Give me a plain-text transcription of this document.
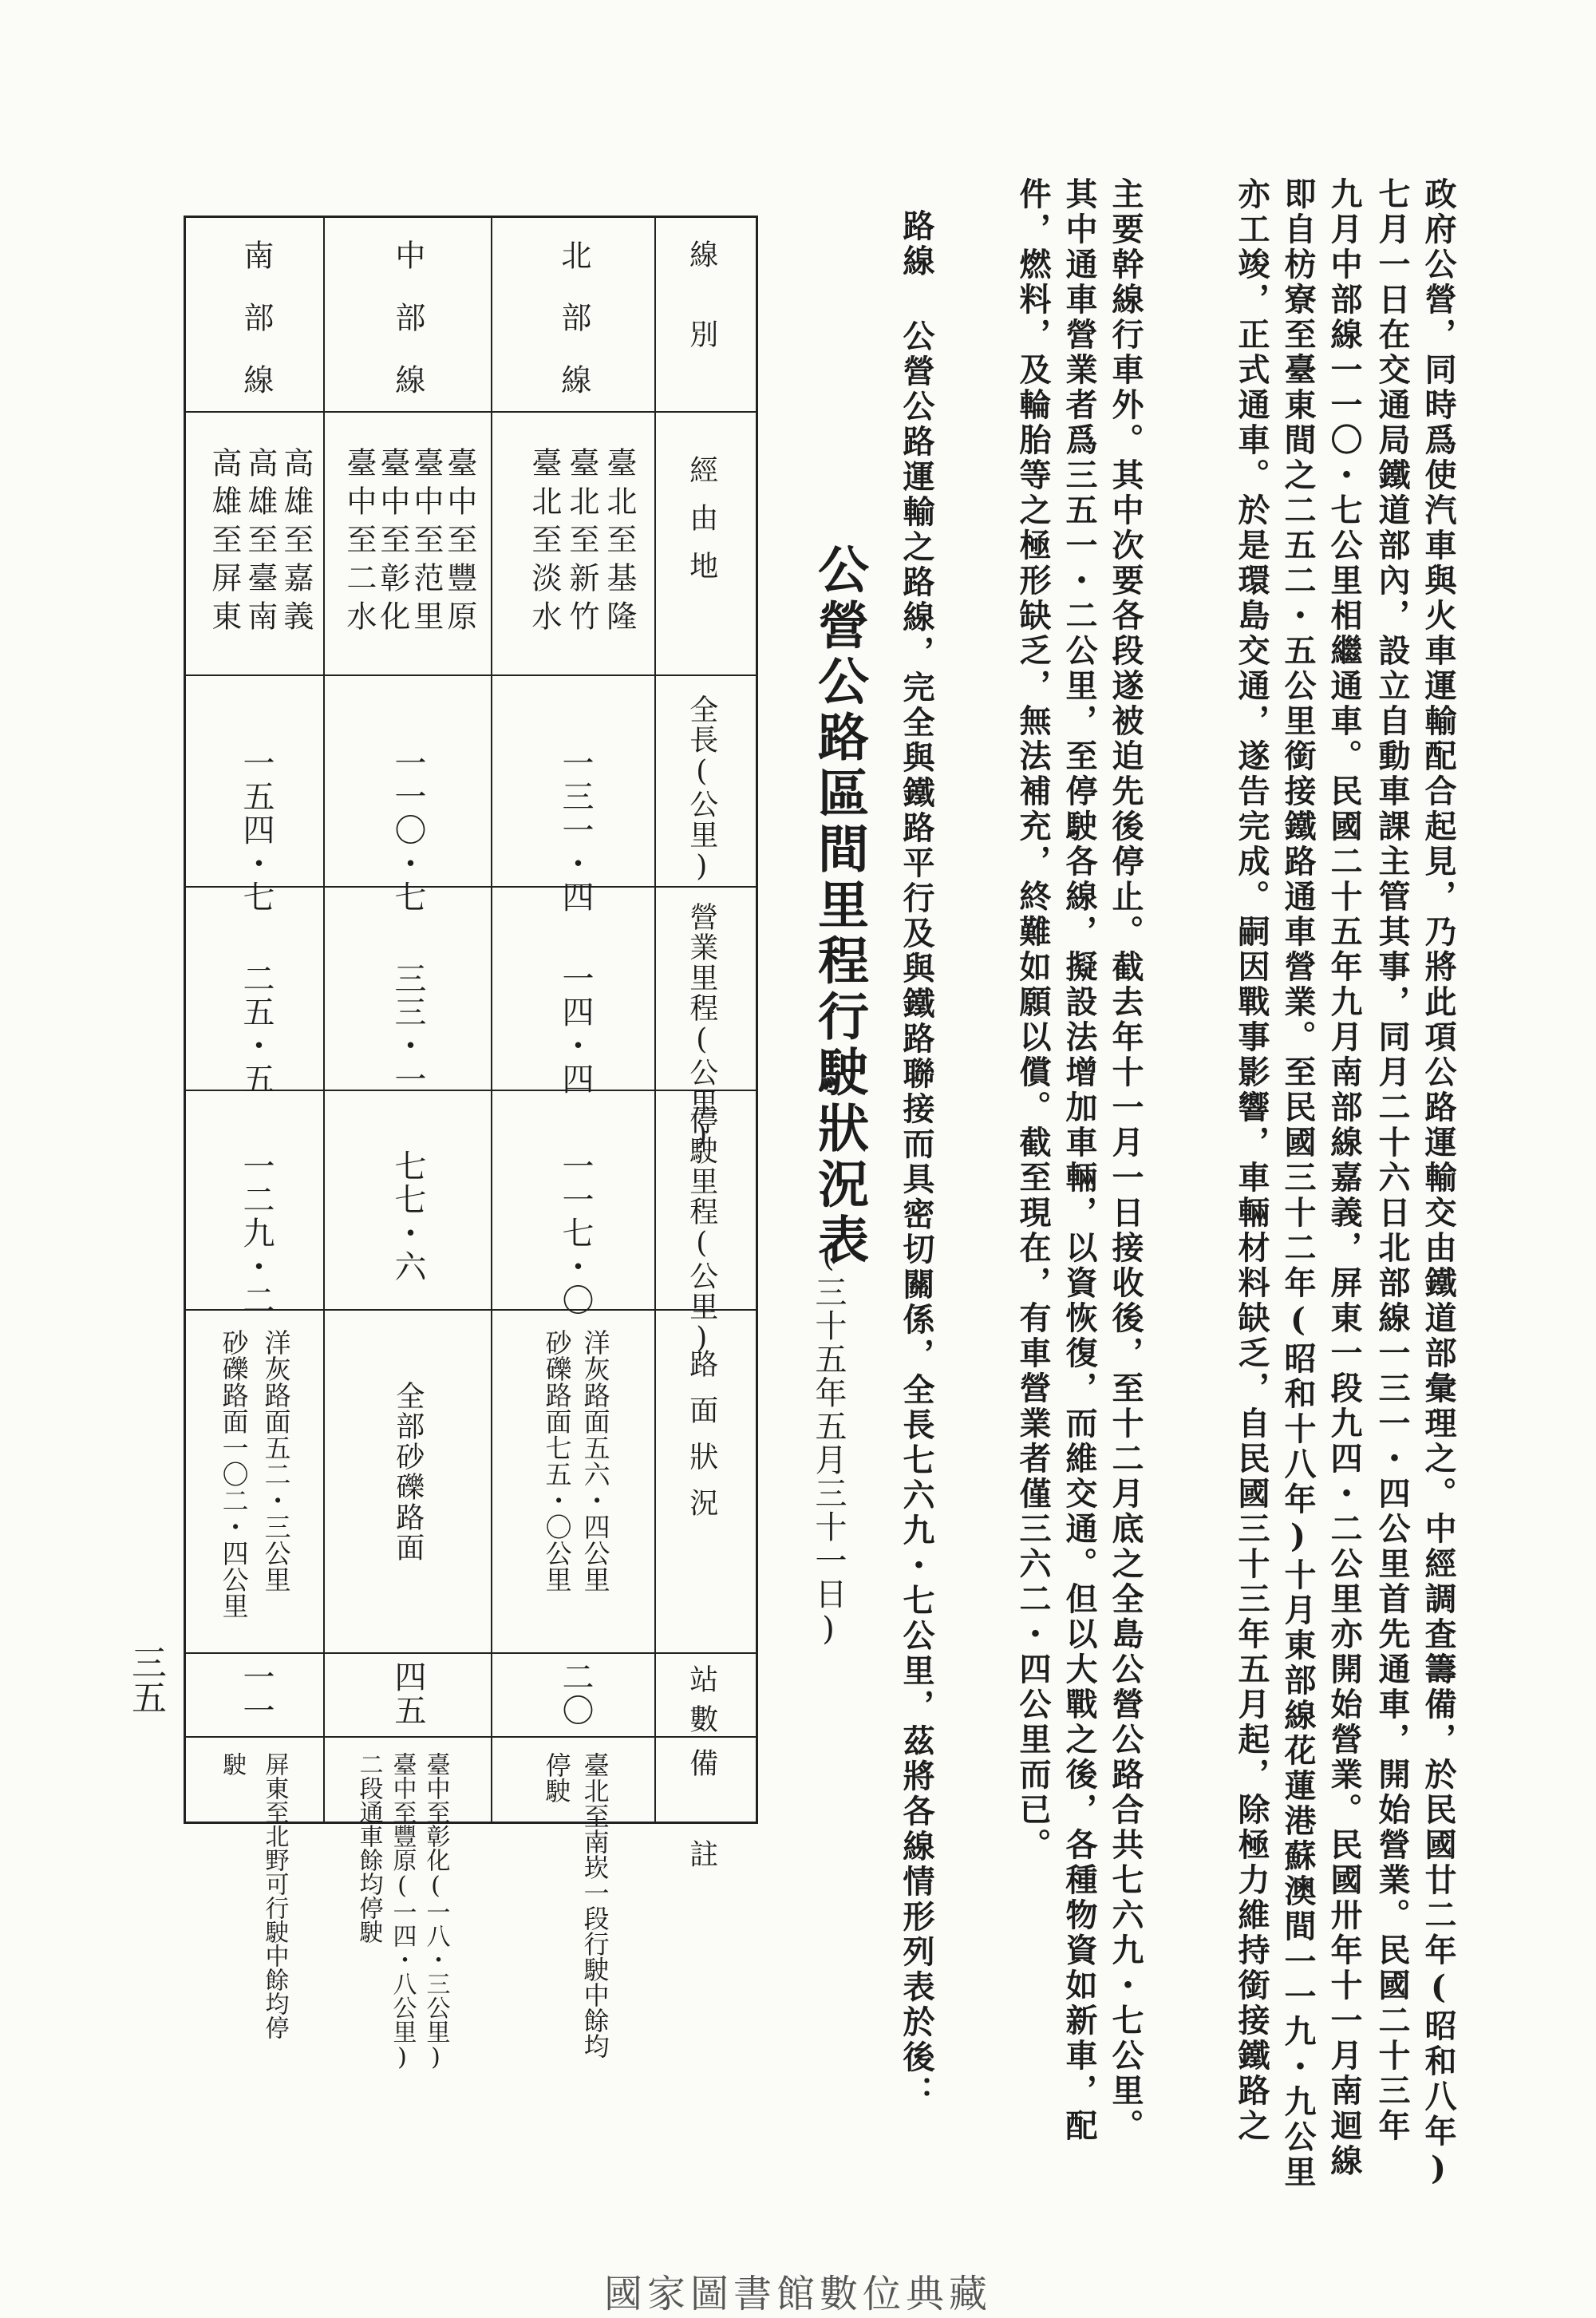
政府公營，同時爲使汽車與火車運輸配合起見，乃將此項公路運輸交由鐵道部彙理之。中經調査籌備，於民國廿二年(昭和八年)
七月一日在交通局鐵道部內，設立自動車課主管其事，同月二十六日北部線一三一・四公里首先通車，開始營業。民國二十三年
九月中部線一一〇・七公里相繼通車。民國二十五年九月南部線嘉義，屏東一段九四・二公里亦開始營業。民國卅年十一月南迴線
即自枋寮至臺東間之二五二・五公里銜接鐵路通車營業。至民國三十二年(昭和十八年)十月東部線花蓮港蘇澳間一一九・九公里
亦工竣，正式通車。於是環島交通，遂告完成。嗣因戰事影響，車輛材料缺乏，自民國三十三年五月起，除極力維持銜接鐵路之
主要幹線行車外。其中次要各段遂被迫先後停止。截去年十一月一日接收後，至十二月底之全島公營公路合共七六九・七公里。
其中通車營業者爲三五一・二公里，至停駛各線，擬設法增加車輛，以資恢復，而維交通。但以大戰之後，各種物資如新車，配
件，燃料，及輪胎等之極形缺乏，無法補充，終難如願以償。截至現在，有車營業者僅三六二・四公里而已。
路線
公營公路運輸之路線，完全與鐵路平行及與鐵路聯接而具密切關係，全長七六九・七公里，茲將各線情形列表於後：
公營公路區間里程行駛狀況表
(三十五年五月三十一日)
線　別
經由地
全長(公里)
營業里程(公里)
停駛里程(公里)
路面狀況
站數
備　　註
北部線
臺北至基隆
臺北至新竹
臺北至淡水
一三一・四
一四・四
一一七・〇
洋灰路面五六・四公里
砂礫路面七五・〇公里
二〇
臺北至南崁一段行駛中餘均
停駛
中部線
臺中至豐原
臺中至范里
臺中至彰化
臺中至二水
一一〇・七
三三・一
七七・六
全部砂礫路面
四五
臺中至彰化(一八・三公里)
臺中至豐原(一四・八公里)
二段通車餘均停駛
南部線
高雄至嘉義
高雄至臺南
高雄至屏東
一五四・七
二五・五
一二九・二
洋灰路面五二・三公里
砂礫路面一〇二・四公里
一一
屏東至北野可行駛中餘均停
駛
三五
國家圖書館數位典藏
